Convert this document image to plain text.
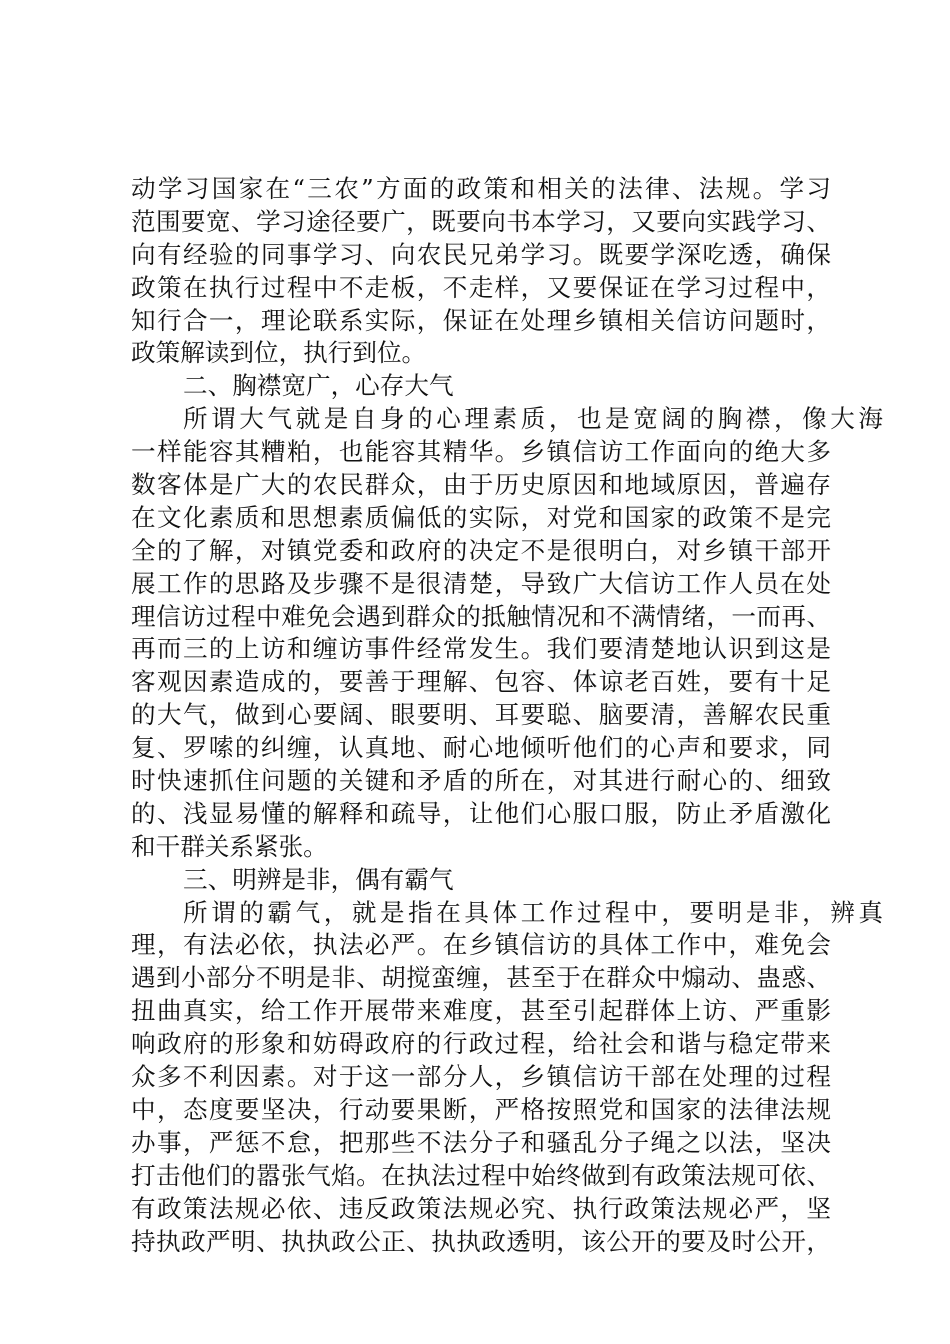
动学习国家在“三农”方面的政策和相关的法律、法规。学习
范围要宽、学习途径要广，既要向书本学习，又要向实践学习、
向有经验的同事学习、向农民兄弟学习。既要学深吃透，确保
政策在执行过程中不走板，不走样，又要保证在学习过程中，
知行合一，理论联系实际，保证在处理乡镇相关信访问题时，
政策解读到位，执行到位。
二、胸襟宽广，心存大气
所谓大气就是自身的心理素质，也是宽阔的胸襟，像大海
一样能容其糟粕，也能容其精华。乡镇信访工作面向的绝大多
数客体是广大的农民群众，由于历史原因和地域原因，普遍存
在文化素质和思想素质偏低的实际，对党和国家的政策不是完
全的了解，对镇党委和政府的决定不是很明白，对乡镇干部开
展工作的思路及步骤不是很清楚，导致广大信访工作人员在处
理信访过程中难免会遇到群众的抵触情况和不满情绪，一而再、
再而三的上访和缠访事件经常发生。我们要清楚地认识到这是
客观因素造成的，要善于理解、包容、体谅老百姓，要有十足
的大气，做到心要阔、眼要明、耳要聪、脑要清，善解农民重
复、罗嗦的纠缠，认真地、耐心地倾听他们的心声和要求，同
时快速抓住问题的关键和矛盾的所在，对其进行耐心的、细致
的、浅显易懂的解释和疏导，让他们心服口服，防止矛盾激化
和干群关系紧张。
三、明辨是非，偶有霸气
所谓的霸气，就是指在具体工作过程中，要明是非，辨真
理，有法必依，执法必严。在乡镇信访的具体工作中，难免会
遇到小部分不明是非、胡搅蛮缠，甚至于在群众中煽动、蛊惑、
扭曲真实，给工作开展带来难度，甚至引起群体上访、严重影
响政府的形象和妨碍政府的行政过程，给社会和谐与稳定带来
众多不利因素。对于这一部分人，乡镇信访干部在处理的过程
中，态度要坚决，行动要果断，严格按照党和国家的法律法规
办事，严惩不怠，把那些不法分子和骚乱分子绳之以法，坚决
打击他们的嚣张气焰。在执法过程中始终做到有政策法规可依、
有政策法规必依、违反政策法规必究、执行政策法规必严，坚
持执政严明、执执政公正、执执政透明，该公开的要及时公开，
